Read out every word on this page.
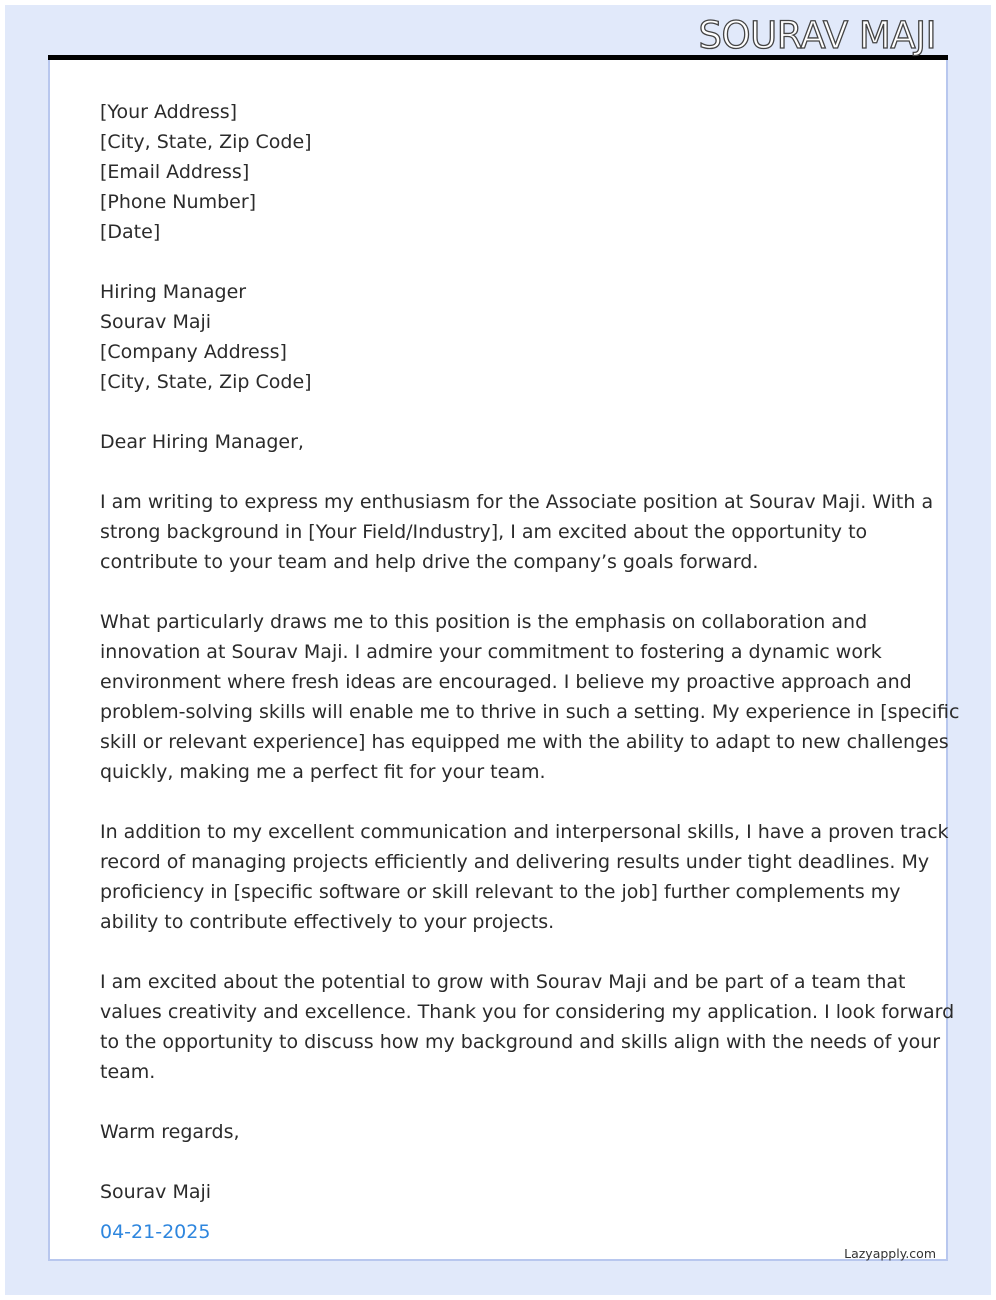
SOURAV MAJI
[Your Address]
[City, State, Zip Code]
[Email Address]
[Phone Number]
[Date]
Hiring Manager
Sourav Maji
[Company Address]
[City, State, Zip Code]
Dear Hiring Manager,
I am writing to express my enthusiasm for the Associate position at Sourav Maji. With a
strong background in [Your Field/Industry], I am excited about the opportunity to
contribute to your team and help drive the company’s goals forward.
What particularly draws me to this position is the emphasis on collaboration and
innovation at Sourav Maji. I admire your commitment to fostering a dynamic work
environment where fresh ideas are encouraged. I believe my proactive approach and
problem-solving skills will enable me to thrive in such a setting. My experience in [specific
skill or relevant experience] has equipped me with the ability to adapt to new challenges
quickly, making me a perfect fit for your team.
In addition to my excellent communication and interpersonal skills, I have a proven track
record of managing projects efficiently and delivering results under tight deadlines. My
proficiency in [specific software or skill relevant to the job] further complements my
ability to contribute effectively to your projects.
I am excited about the potential to grow with Sourav Maji and be part of a team that
values creativity and excellence. Thank you for considering my application. I look forward
to the opportunity to discuss how my background and skills align with the needs of your
team.
Warm regards,
Sourav Maji
04-21-2025
Lazyapply.com
